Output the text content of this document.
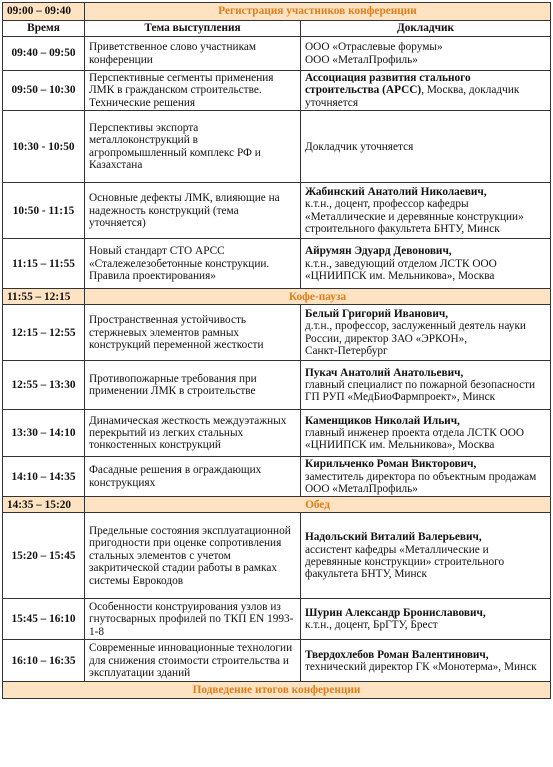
09:00 – 09:40	Регистрация участников конференции	
Время	Тема выступления	Докладчик
09:40 – 09:50	Приветственное слово участникам конференции	ООО «Отраслевые форумы»
ООО «МеталПрофиль»
09:50 – 10:30	Перспективные сегменты применения ЛМК в гражданском строительстве. Технические решения	Ассоциация развития стального строительства (АРСС), Москва, докладчик уточняется
10:30 - 10:50	Перспективы экспорта металлоконструкций в агропромышленный комплекс РФ и Казахстана	Докладчик уточняется
10:50 - 11:15	Основные дефекты ЛМК, влияющие на надежность конструкций (тема уточняется)	Жабинский Анатолий Николаевич,
к.т.н., доцент, профессор кафедры «Металлические и деревянные конструкции» строительного факультета БНТУ, Минск
11:15 – 11:55	Новый стандарт СТО АРСС «Сталежелезобетонные конструкции. Правила проектирования»	Айрумян Эдуард Девонович,
к.т.н., заведующий отделом ЛСТК ООО «ЦНИИПСК им. Мельникова», Москва
11:55 – 12:15	Кофе-пауза	
12:15 – 12:55	Пространственная устойчивость стержневых элементов рамных конструкций переменной жесткости	Белый Григорий Иванович,
д.т.н., профессор, заслуженный деятель науки России, директор ЗАО «ЭРКОН»,
Санкт-Петербург
12:55 – 13:30	Противопожарные требования при применении ЛМК в строительстве	Пукач Анатолий Анатольевич,
главный специалист по пожарной безопасности ГП РУП «МедБиоФармпроект», Минск
13:30 – 14:10	Динамическая жесткость междуэтажных перекрытий из легких стальных тонкостенных конструкций	Каменщиков Николай Ильич,
главный инженер проекта отдела ЛСТК ООО «ЦНИИПСК им. Мельникова», Москва
14:10 – 14:35	Фасадные решения в ограждающих конструкциях	Кирильченко Роман Викторович,
заместитель директора по объектным продажам ООО «МеталПрофиль»
14:35 – 15:20	Обед	
15:20 – 15:45	Предельные состояния эксплуатационной пригодности при оценке сопротивления стальных элементов с учетом закритической стадии работы в рамках системы Еврокодов	Надольский Виталий Валерьевич,
ассистент кафедры «Металлические и деревянные конструкции» строительного факультета БНТУ, Минск
15:45 – 16:10	Особенности конструирования узлов из гнутосварных профилей по ТКП EN 1993-1-8	Шурин Александр Брониславович,
к.т.н., доцент, БрГТУ, Брест
16:10 – 16:35	Современные инновационные технологии для снижения стоимости строительства и эксплуатации зданий	Твердохлебов Роман Валентинович,
технический директор ГК «Монотерма», Минск
Подведение итогов конференции		
